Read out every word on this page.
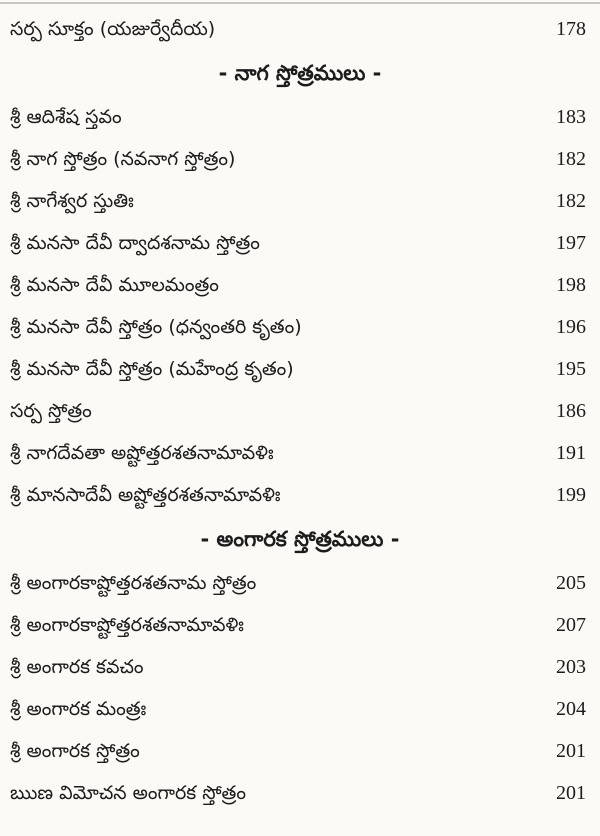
సర్ప సూక్తం (యజుర్వేదీయ)	178
- నాగ స్తోత్రములు -
శ్రీ ఆదిశేష స్తవం	183
శ్రీ నాగ స్తోత్రం (నవనాగ స్తోత్రం)	182
శ్రీ నాగేశ్వర స్తుతిః	182
శ్రీ మనసా దేవీ ద్వాదశనామ స్తోత్రం	197
శ్రీ మనసా దేవీ మూలమంత్రం	198
శ్రీ మనసా దేవీ స్తోత్రం (ధన్వంతరి కృతం)	196
శ్రీ మనసా దేవీ స్తోత్రం (మహేంద్ర కృతం)	195
సర్ప స్తోత్రం	186
శ్రీ నాగదేవతా అష్టోత్తరశతనామావళిః	191
శ్రీ మానసాదేవీ అష్టోత్తరశతనామావళిః	199
- అంగారక స్తోత్రములు -
శ్రీ అంగారకాష్టోత్తరశతనామ స్తోత్రం	205
శ్రీ అంగారకాష్టోత్తరశతనామావళిః	207
శ్రీ అంగారక కవచం	203
శ్రీ అంగారక మంత్రః	204
శ్రీ అంగారక స్తోత్రం	201
ఋణ విమోచన అంగారక స్తోత్రం	201
